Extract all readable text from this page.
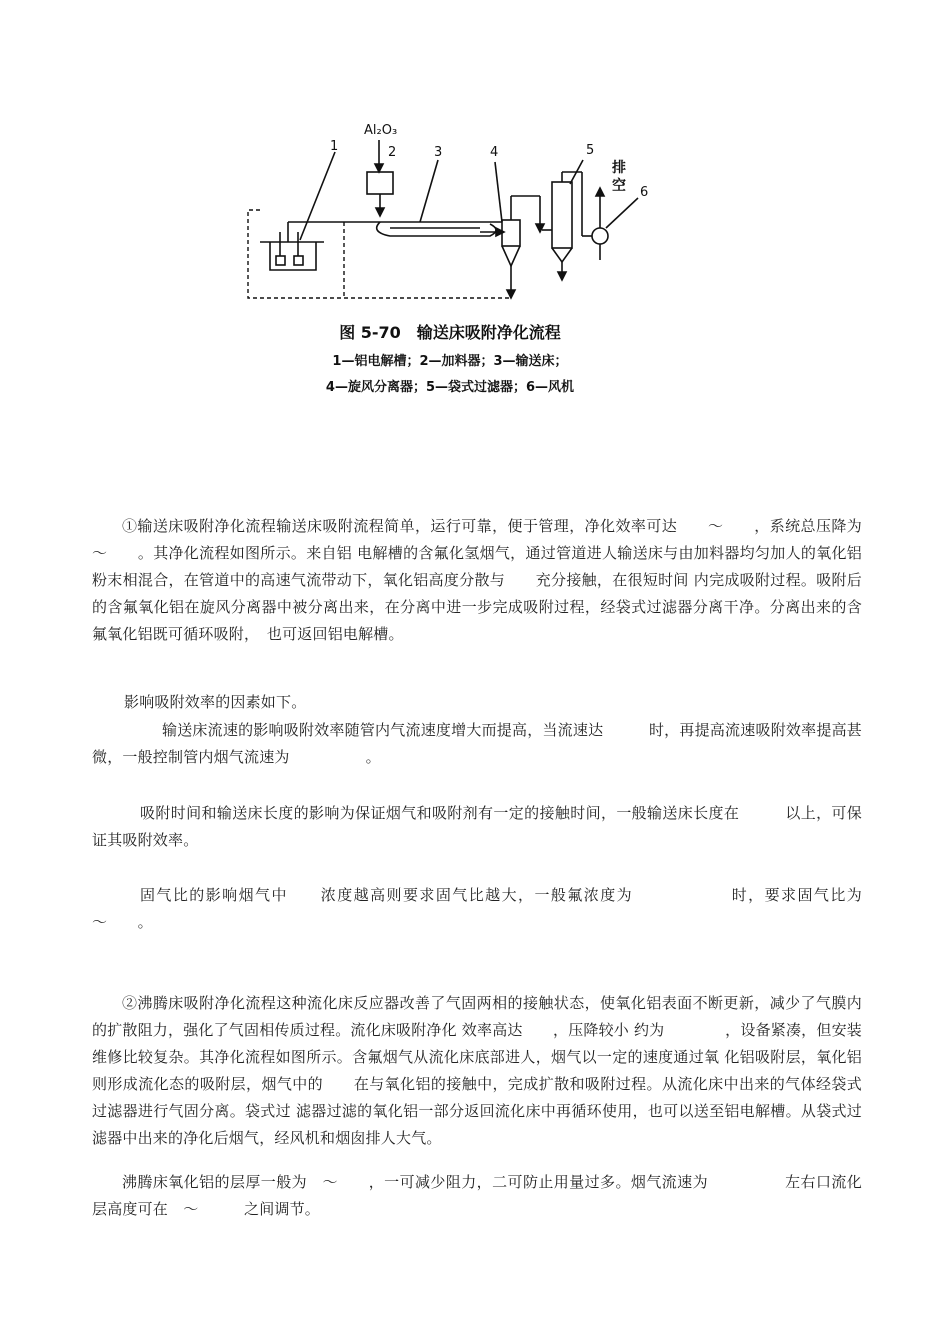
Al₂O₃
1	2	3	4	5
6
排
空
图 5-70　输送床吸附净化流程
1—铝电解槽；2—加料器；3—输送床；
4—旋风分离器；5—袋式过滤器；6—风机
①输送床吸附净化流程输送床吸附流程简单，运行可靠，便于管理，净化效率可达　　～　　，系统总压降为　　～　　。其净化流程如图所示。来自铝 电解槽的含氟化氢烟气，通过管道进人输送床与由加料器均匀加人的氧化铝粉末相混合，在管道中的高速气流带动下，氧化铝高度分散与　　充分接触，在很短时间 内完成吸附过程。吸附后的含氟氧化铝在旋风分离器中被分离出来，在分离中进一步完成吸附过程，经袋式过滤器分离干净。分离出来的含氟氧化铝既可循环吸附，　也可返回铝电解槽。
影响吸附效率的因素如下。
输送床流速的影响吸附效率随管内气流速度增大而提高，当流速达　　　时，再提高流速吸附效率提高甚微，一般控制管内烟气流速为　　　　　。
吸附时间和输送床长度的影响为保证烟气和吸附剂有一定的接触时间，一般输送床长度在　　　以上，可保证其吸附效率。
固气比的影响烟气中　　浓度越高则要求固气比越大，一般氟浓度为　　　　　　时，要求固气比为　～　　。
②沸腾床吸附净化流程这种流化床反应器改善了气固两相的接触状态，使氧化铝表面不断更新，减少了气膜内的扩散阻力，强化了气固相传质过程。流化床吸附净化 效率高达　　，压降较小 约为　　　　，设备紧凑，但安装维修比较复杂。其净化流程如图所示。含氟烟气从流化床底部进人，烟气以一定的速度通过氧 化铝吸附层，氧化铝则形成流化态的吸附层，烟气中的　　在与氧化铝的接触中，完成扩散和吸附过程。从流化床中出来的气体经袋式过滤器进行气固分离。袋式过 滤器过滤的氧化铝一部分返回流化床中再循环使用，也可以送至铝电解槽。从袋式过滤器中出来的净化后烟气，经风机和烟囱排人大气。
沸腾床氧化铝的层厚一般为　～　　，一可减少阻力，二可防止用量过多。烟气流速为　　　　　左右口流化层高度可在　～　　　之间调节。
